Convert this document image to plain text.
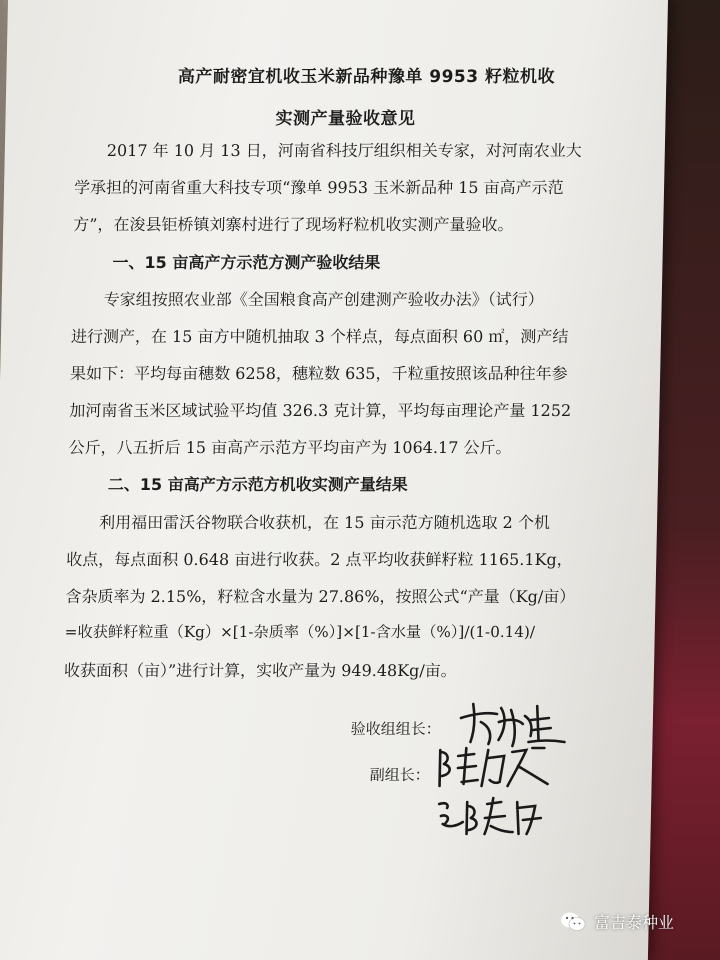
高产耐密宜机收玉米新品种豫单 9953 籽粒机收
实测产量验收意见
2017 年 10 月 13 日，河南省科技厅组织相关专家，对河南农业大
学承担的河南省重大科技专项“豫单 9953 玉米新品种 15 亩高产示范
方”，在浚县钜桥镇刘寨村进行了现场籽粒机收实测产量验收。
一、15 亩高产方示范方测产验收结果
专家组按照农业部《全国粮食高产创建测产验收办法》（试行）
进行测产，在 15 亩方中随机抽取 3 个样点，每点面积 60 ㎡，测产结
果如下：平均每亩穗数 6258，穗粒数 635，千粒重按照该品种往年参
加河南省玉米区域试验平均值 326.3 克计算，平均每亩理论产量 1252
公斤，八五折后 15 亩高产示范方平均亩产为 1064.17 公斤。
二、15 亩高产方示范方机收实测产量结果
利用福田雷沃谷物联合收获机，在 15 亩示范方随机选取 2 个机
收点，每点面积 0.648 亩进行收获。2 点平均收获鲜籽粒 1165.1Kg，
含杂质率为 2.15%，籽粒含水量为 27.86%，按照公式“产量（Kg/亩）
=收获鲜籽粒重（Kg）×[1-杂质率（%）]×[1-含水量（%）]/(1-0.14)/
收获面积（亩）”进行计算，实收产量为 949.48Kg/亩。
验收组组长：
副组长：
富吉泰种业
